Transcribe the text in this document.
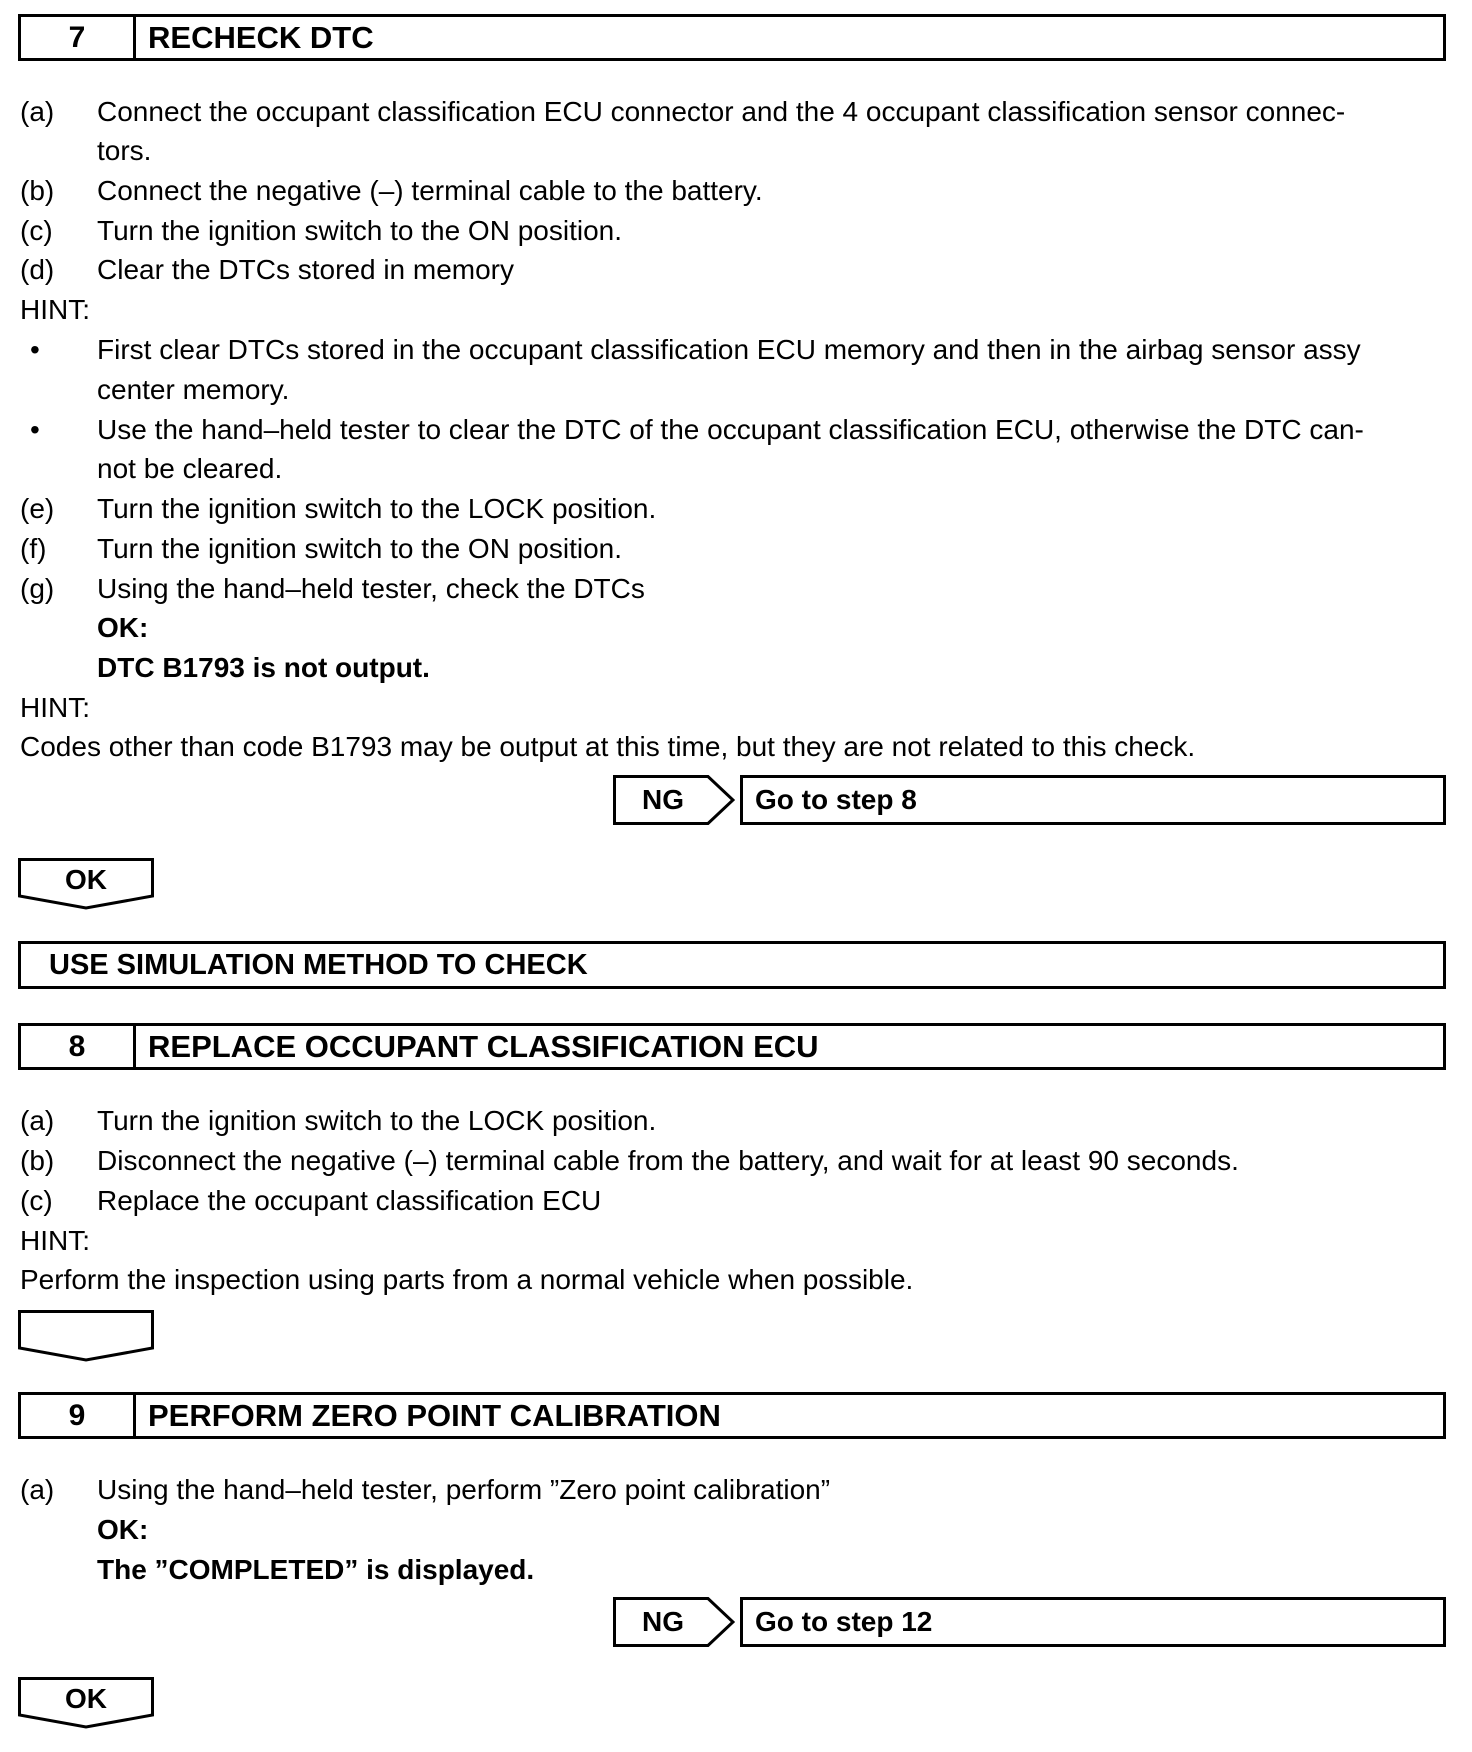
7	RECHECK DTC
(a) Connect the occupant classification ECU connector and the 4 occupant classification sensor connec-
tors.
(b) Connect the negative (–) terminal cable to the battery.
(c) Turn the ignition switch to the ON position.
(d) Clear the DTCs stored in memory
HINT:
• First clear DTCs stored in the occupant classification ECU memory and then in the airbag sensor assy
center memory.
• Use the hand–held tester to clear the DTC of the occupant classification ECU, otherwise the DTC can-
not be cleared.
(e) Turn the ignition switch to the LOCK position.
(f) Turn the ignition switch to the ON position.
(g) Using the hand–held tester, check the DTCs
OK:
DTC B1793 is not output.
HINT:
Codes other than code B1793 may be output at this time, but they are not related to this check.
NG	Go to step 8
OK
USE SIMULATION METHOD TO CHECK
8	REPLACE OCCUPANT CLASSIFICATION ECU
(a) Turn the ignition switch to the LOCK position.
(b) Disconnect the negative (–) terminal cable from the battery, and wait for at least 90 seconds.
(c) Replace the occupant classification ECU
HINT:
Perform the inspection using parts from a normal vehicle when possible.
9	PERFORM ZERO POINT CALIBRATION
(a) Using the hand–held tester, perform ”Zero point calibration”
OK:
The ”COMPLETED” is displayed.
NG	Go to step 12
OK
